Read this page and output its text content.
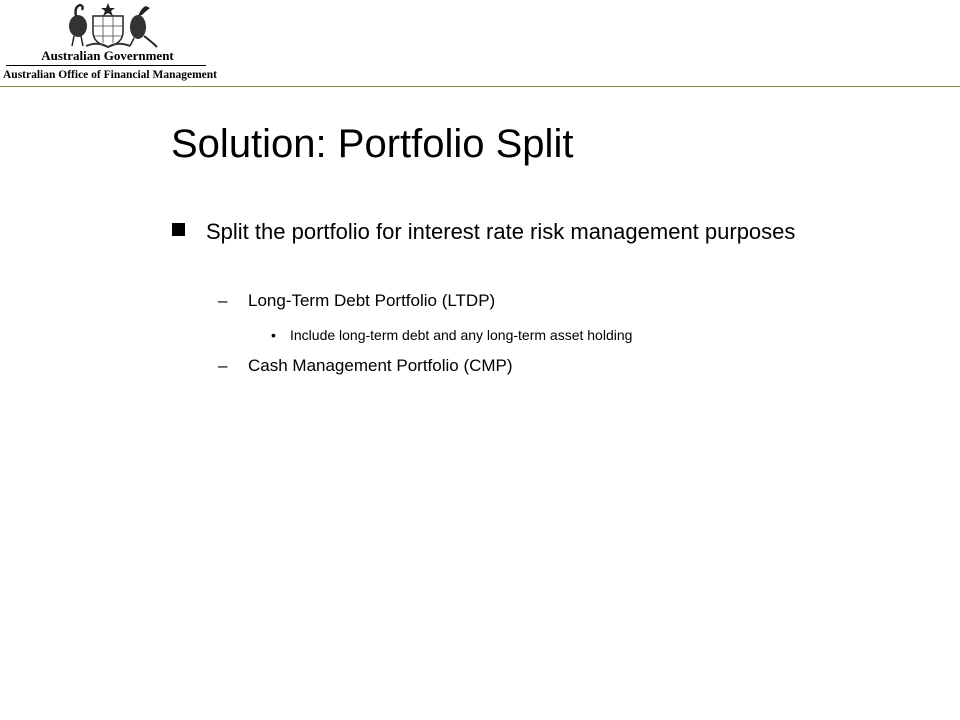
Australian Government
Australian Office of Financial Management
Solution: Portfolio Split
Split the portfolio for interest rate risk management purposes
– Long-Term Debt Portfolio (LTDP)
• Include long-term debt and any long-term asset holding
– Cash Management Portfolio (CMP)
